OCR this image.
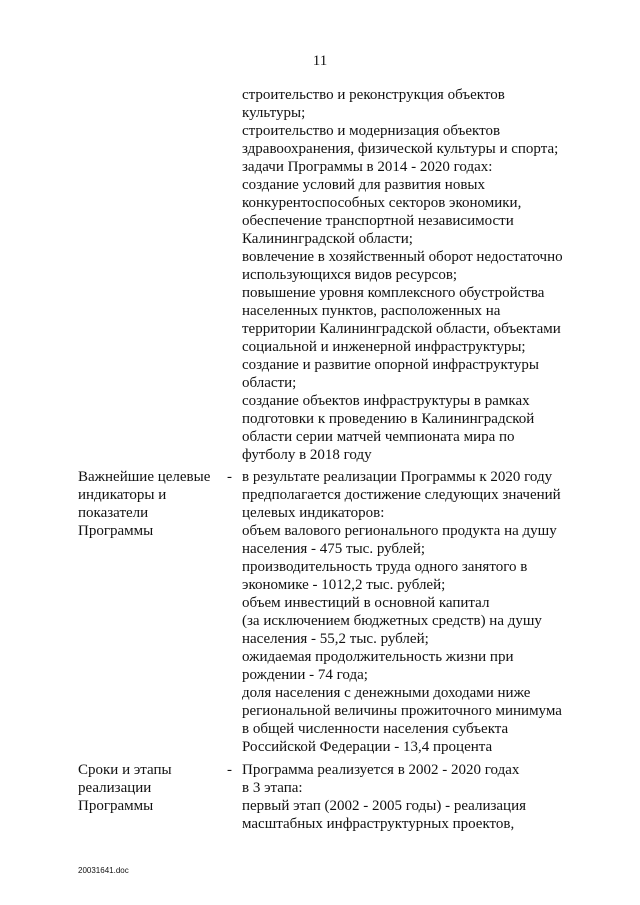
11
строительство и реконструкция объектов
культуры;
строительство и модернизация объектов
здравоохранения, физической культуры и спорта;
задачи Программы в 2014 - 2020 годах:
создание условий для развития новых
конкурентоспособных секторов экономики,
обеспечение транспортной независимости
Калининградской области;
вовлечение в хозяйственный оборот недостаточно
использующихся видов ресурсов;
повышение уровня комплексного обустройства
населенных пунктов, расположенных на
территории Калининградской области, объектами
социальной и инженерной инфраструктуры;
создание и развитие опорной инфраструктуры
области;
создание объектов инфраструктуры в рамках
подготовки к проведению в Калининградской
области серии матчей чемпионата мира по
футболу в 2018 году
Важнейшие целевые
индикаторы и
показатели
Программы
- в результате реализации Программы к 2020 году
предполагается достижение следующих значений
целевых индикаторов:
объем валового регионального продукта на душу
населения - 475 тыс. рублей;
производительность труда одного занятого в
экономике - 1012,2 тыс. рублей;
объем инвестиций в основной капитал
(за исключением бюджетных средств) на душу
населения - 55,2 тыс. рублей;
ожидаемая продолжительность жизни при
рождении - 74 года;
доля населения с денежными доходами ниже
региональной величины прожиточного минимума
в общей численности населения субъекта
Российской Федерации - 13,4 процента
Сроки и этапы
реализации
Программы
- Программа реализуется в 2002 - 2020 годах
в 3 этапа:
первый этап (2002 - 2005 годы) - реализация
масштабных инфраструктурных проектов,
20031641.doc
